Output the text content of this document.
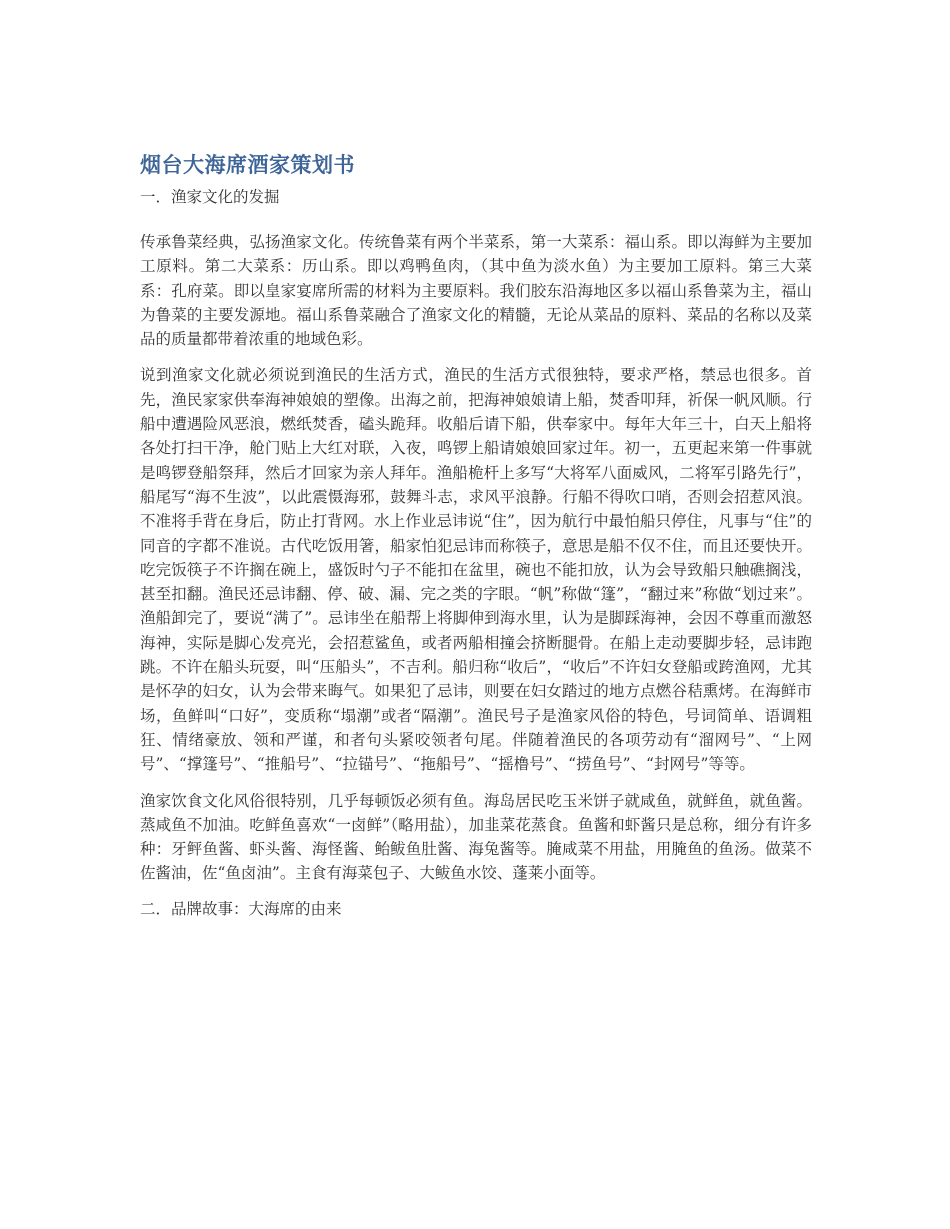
烟台大海席酒家策划书
一．渔家文化的发掘

传承鲁菜经典，弘扬渔家文化。传统鲁菜有两个半菜系，第一大菜系：福山系。即以海鲜为主要加工原料。第二大菜系：历山系。即以鸡鸭鱼肉，（其中鱼为淡水鱼）为主要加工原料。第三大菜系：孔府菜。即以皇家宴席所需的材料为主要原料。我们胶东沿海地区多以福山系鲁菜为主，福山为鲁菜的主要发源地。福山系鲁菜融合了渔家文化的精髓，无论从菜品的原料、菜品的名称以及菜品的质量都带着浓重的地域色彩。

说到渔家文化就必须说到渔民的生活方式，渔民的生活方式很独特，要求严格，禁忌也很多。首先，渔民家家供奉海神娘娘的塑像。出海之前，把海神娘娘请上船，焚香叩拜，祈保一帆风顺。行船中遭遇险风恶浪，燃纸焚香，磕头跪拜。收船后请下船，供奉家中。每年大年三十，白天上船将各处打扫干净，舱门贴上大红对联，入夜，鸣锣上船请娘娘回家过年。初一，五更起来第一件事就是鸣锣登船祭拜，然后才回家为亲人拜年。渔船桅杆上多写“大将军八面威风，二将军引路先行”，船尾写“海不生波”，以此震慑海邪，鼓舞斗志，求风平浪静。行船不得吹口哨，否则会招惹风浪。不准将手背在身后，防止打背网。水上作业忌讳说“住”，因为航行中最怕船只停住，凡事与“住”的同音的字都不准说。古代吃饭用箸，船家怕犯忌讳而称筷子，意思是船不仅不住，而且还要快开。吃完饭筷子不许搁在碗上，盛饭时勺子不能扣在盆里，碗也不能扣放，认为会导致船只触礁搁浅，甚至扣翻。渔民还忌讳翻、停、破、漏、完之类的字眼。“帆”称做“篷”，“翻过来”称做“划过来”。渔船卸完了，要说“满了”。忌讳坐在船帮上将脚伸到海水里，认为是脚踩海神，会因不尊重而激怒海神，实际是脚心发亮光，会招惹鲨鱼，或者两船相撞会挤断腿骨。在船上走动要脚步轻，忌讳跑跳。不许在船头玩耍，叫“压船头”，不吉利。船归称“收后”，“收后”不许妇女登船或跨渔网，尤其是怀孕的妇女，认为会带来晦气。如果犯了忌讳，则要在妇女踏过的地方点燃谷秸熏烤。在海鲜市场，鱼鲜叫“口好”，变质称“塌潮”或者“隔潮”。渔民号子是渔家风俗的特色，号词简单、语调粗狂、情绪豪放、领和严谨，和者句头紧咬领者句尾。伴随着渔民的各项劳动有“溜网号”、“上网号”、“撑篷号”、“推船号”、“拉锚号”、“拖船号”、“摇橹号”、“捞鱼号”、“封网号”等等。

渔家饮食文化风俗很特别，几乎每顿饭必须有鱼。海岛居民吃玉米饼子就咸鱼，就鲜鱼，就鱼酱。蒸咸鱼不加油。吃鲜鱼喜欢“一卤鲜”（略用盐），加韭菜花蒸食。鱼酱和虾酱只是总称，细分有许多种：牙鲆鱼酱、虾头酱、海怪酱、鲐鲅鱼肚酱、海兔酱等。腌咸菜不用盐，用腌鱼的鱼汤。做菜不佐酱油，佐“鱼卤油”。主食有海菜包子、大鲅鱼水饺、蓬莱小面等。

二．品牌故事：大海席的由来
